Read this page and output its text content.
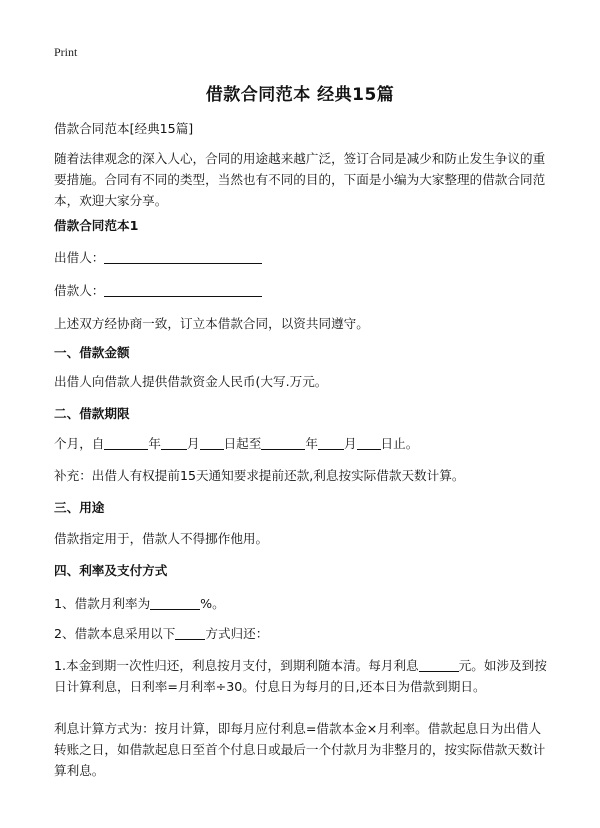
Print
借款合同范本 经典15篇

借款合同范本[经典15篇]

随着法律观念的深入人心，合同的用途越来越广泛，签订合同是减少和防止发生争议的重要措施。合同有不同的类型，当然也有不同的目的，下面是小编为大家整理的借款合同范本，欢迎大家分享。

借款合同范本1

出借人：

借款人：

上述双方经协商一致，订立本借款合同，以资共同遵守。

一、借款金额

出借人向借款人提供借款资金人民币(大写.万元。

二、借款期限

个月，自	年 月 日起至	年 月 日止。

补充：出借人有权提前15天通知要求提前还款,利息按实际借款天数计算。

三、用途

借款指定用于，借款人不得挪作他用。

四、利率及支付方式

1、借款月利率为	%。

2、借款本息采用以下 方式归还：

1.本金到期一次性归还，利息按月支付，到期利随本清。每月利息	元。如涉及到按日计算利息，日利率=月利率÷30。付息日为每月的日,还本日为借款到期日。

利息计算方式为：按月计算，即每月应付利息=借款本金×月利率。借款起息日为出借人转账之日，如借款起息日至首个付息日或最后一个付款月为非整月的，按实际借款天数计算利息。
